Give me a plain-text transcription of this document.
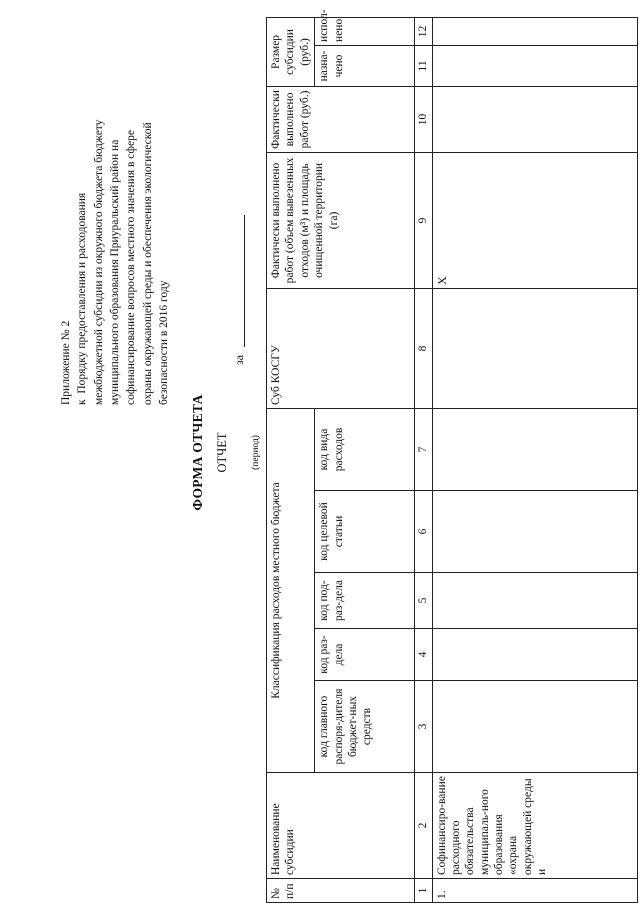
Приложение № 2 к  Порядку предоставления и расходования межбюджетной субсидии из окружного бюджета бюджету муниципального образования Приуральский район на софинансирование вопросов местного значения в сфере охраны окружающей среды и обеспечения экологической безопасности в 2016 году
ФОРМА ОТЧЕТА ОТЧЕТ
за
(период)
№ п/п	Наименование субсидии	Классификация расходов местного бюджета					Суб КОСГУ	Фактически выполнено работ (объем вывезенных отходов (м³) и площадь очищенной территории (га)	Фактически выполнено работ (руб.)	Размер субсидии (руб.)	
		код главного распоря-дителя бюджет-ных средств	код раз-дела	код под-раз-дела	код целевой статьи	код вида расходов				назна-чено	испол-нено
1	2	3	4	5	6	7	8	9	10	11	12
1.	Софинансиро-вание расходного обязательства муниципаль-ного образования «охрана окружающей среды и							X			
